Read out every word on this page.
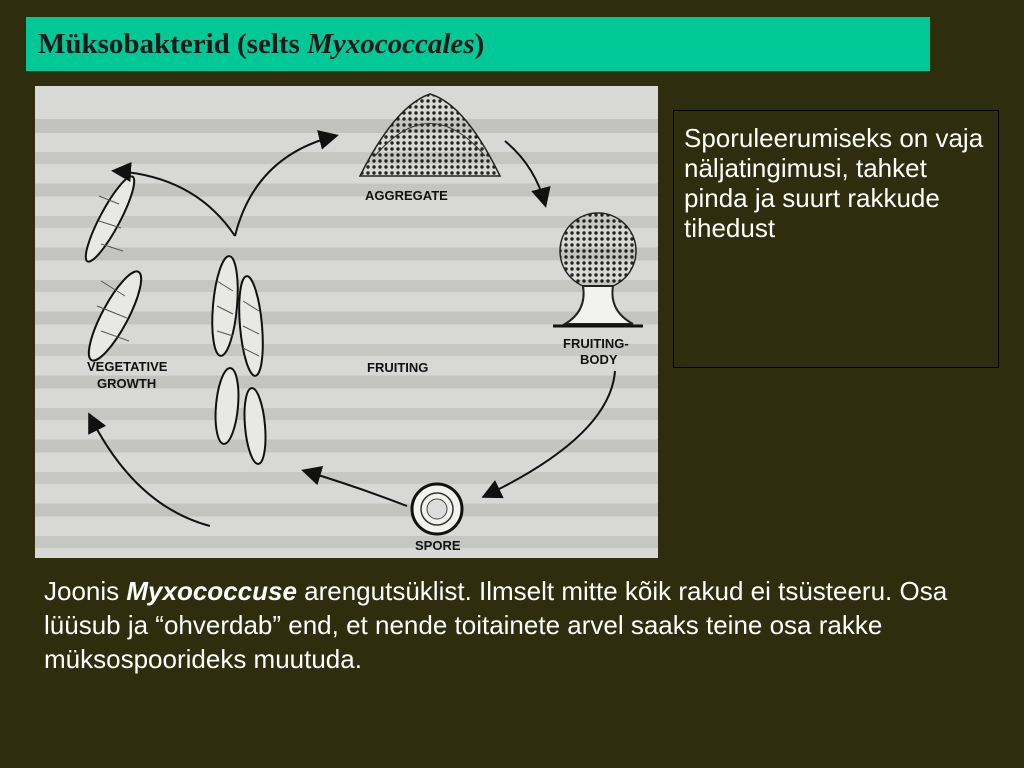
Müksobakterid (selts Myxococcales)
AGGREGATE
FRUITING-
BODY
FRUITING
SPORE
VEGETATIVE
GROWTH
Sporuleerumiseks on vaja näljatingimusi, tahket pinda ja suurt rakkude tihedust
Joonis Myxococcuse arengutsüklist. Ilmselt mitte kõik rakud ei tsüsteeru. Osa lüüsub ja “ohverdab” end, et nende toitainete arvel saaks teine osa rakke müksospoorideks muutuda.
